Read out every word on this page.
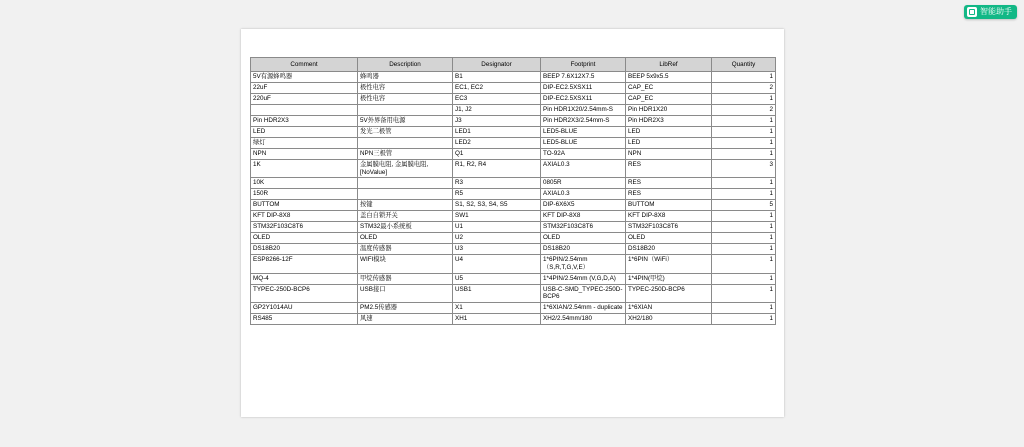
智能助手
Comment	Description	Designator	Footprint	LibRef	Quantity
5V有源蜂鸣器	蜂鸣器	B1	BEEP 7.6X12X7.5	BEEP 5x9x5.5	1
22uF	极性电容	EC1, EC2	DIP-EC2.5XSX11	CAP_EC	2
220uF	极性电容	EC3	DIP-EC2.5XSX11	CAP_EC	1
		J1, J2	Pin HDR1X20/2.54mm-S	Pin HDR1X20	2
Pin HDR2X3	5V外界备用电源	J3	Pin HDR2X3/2.54mm-S	Pin HDR2X3	1
LED	发光二极管	LED1	LED5-BLUE	LED	1
绿灯		LED2	LED5-BLUE	LED	1
NPN	NPN三极管	Q1	TO-92A	NPN	1
1K	金属膜电阻, 金属膜电阻, [NoValue]	R1, R2, R4	AXIAL0.3	RES	3
10K		R3	0805R	RES	1
150R		R5	AXIAL0.3	RES	1
BUTTOM	按键	S1, S2, S3, S4, S5	DIP-6X6X5	BUTTOM	5
KFT DIP-8X8	盖白自锁开关	SW1	KFT DIP-8X8	KFT DIP-8X8	1
STM32F103C8T6	STM32最小系统板	U1	STM32F103C8T6	STM32F103C8T6	1
OLED	OLED	U2	OLED	OLED	1
DS18B20	温度传感器	U3	DS18B20	DS18B20	1
ESP8266-12F	WIFI模块	U4	1*6PIN/2.54mm（S,R,T,G,V,E）	1*6PIN（WiFi）	1
MQ-4	甲烷传感器	U5	1*4PIN/2.54mm (V,G,D,A)	1*4PIN(甲烷)	1
TYPEC-250D-BCP6	USB接口	USB1	USB-C-SMD_TYPEC-250D-BCP6	TYPEC-250D-BCP6	1
GP2Y1014AU	PM2.5传感器	X1	1*6XIAN/2.54mm - duplicate	1*6XIAN	1
RS485	风速	XH1	XH2/2.54mm/180	XH2/180	1
